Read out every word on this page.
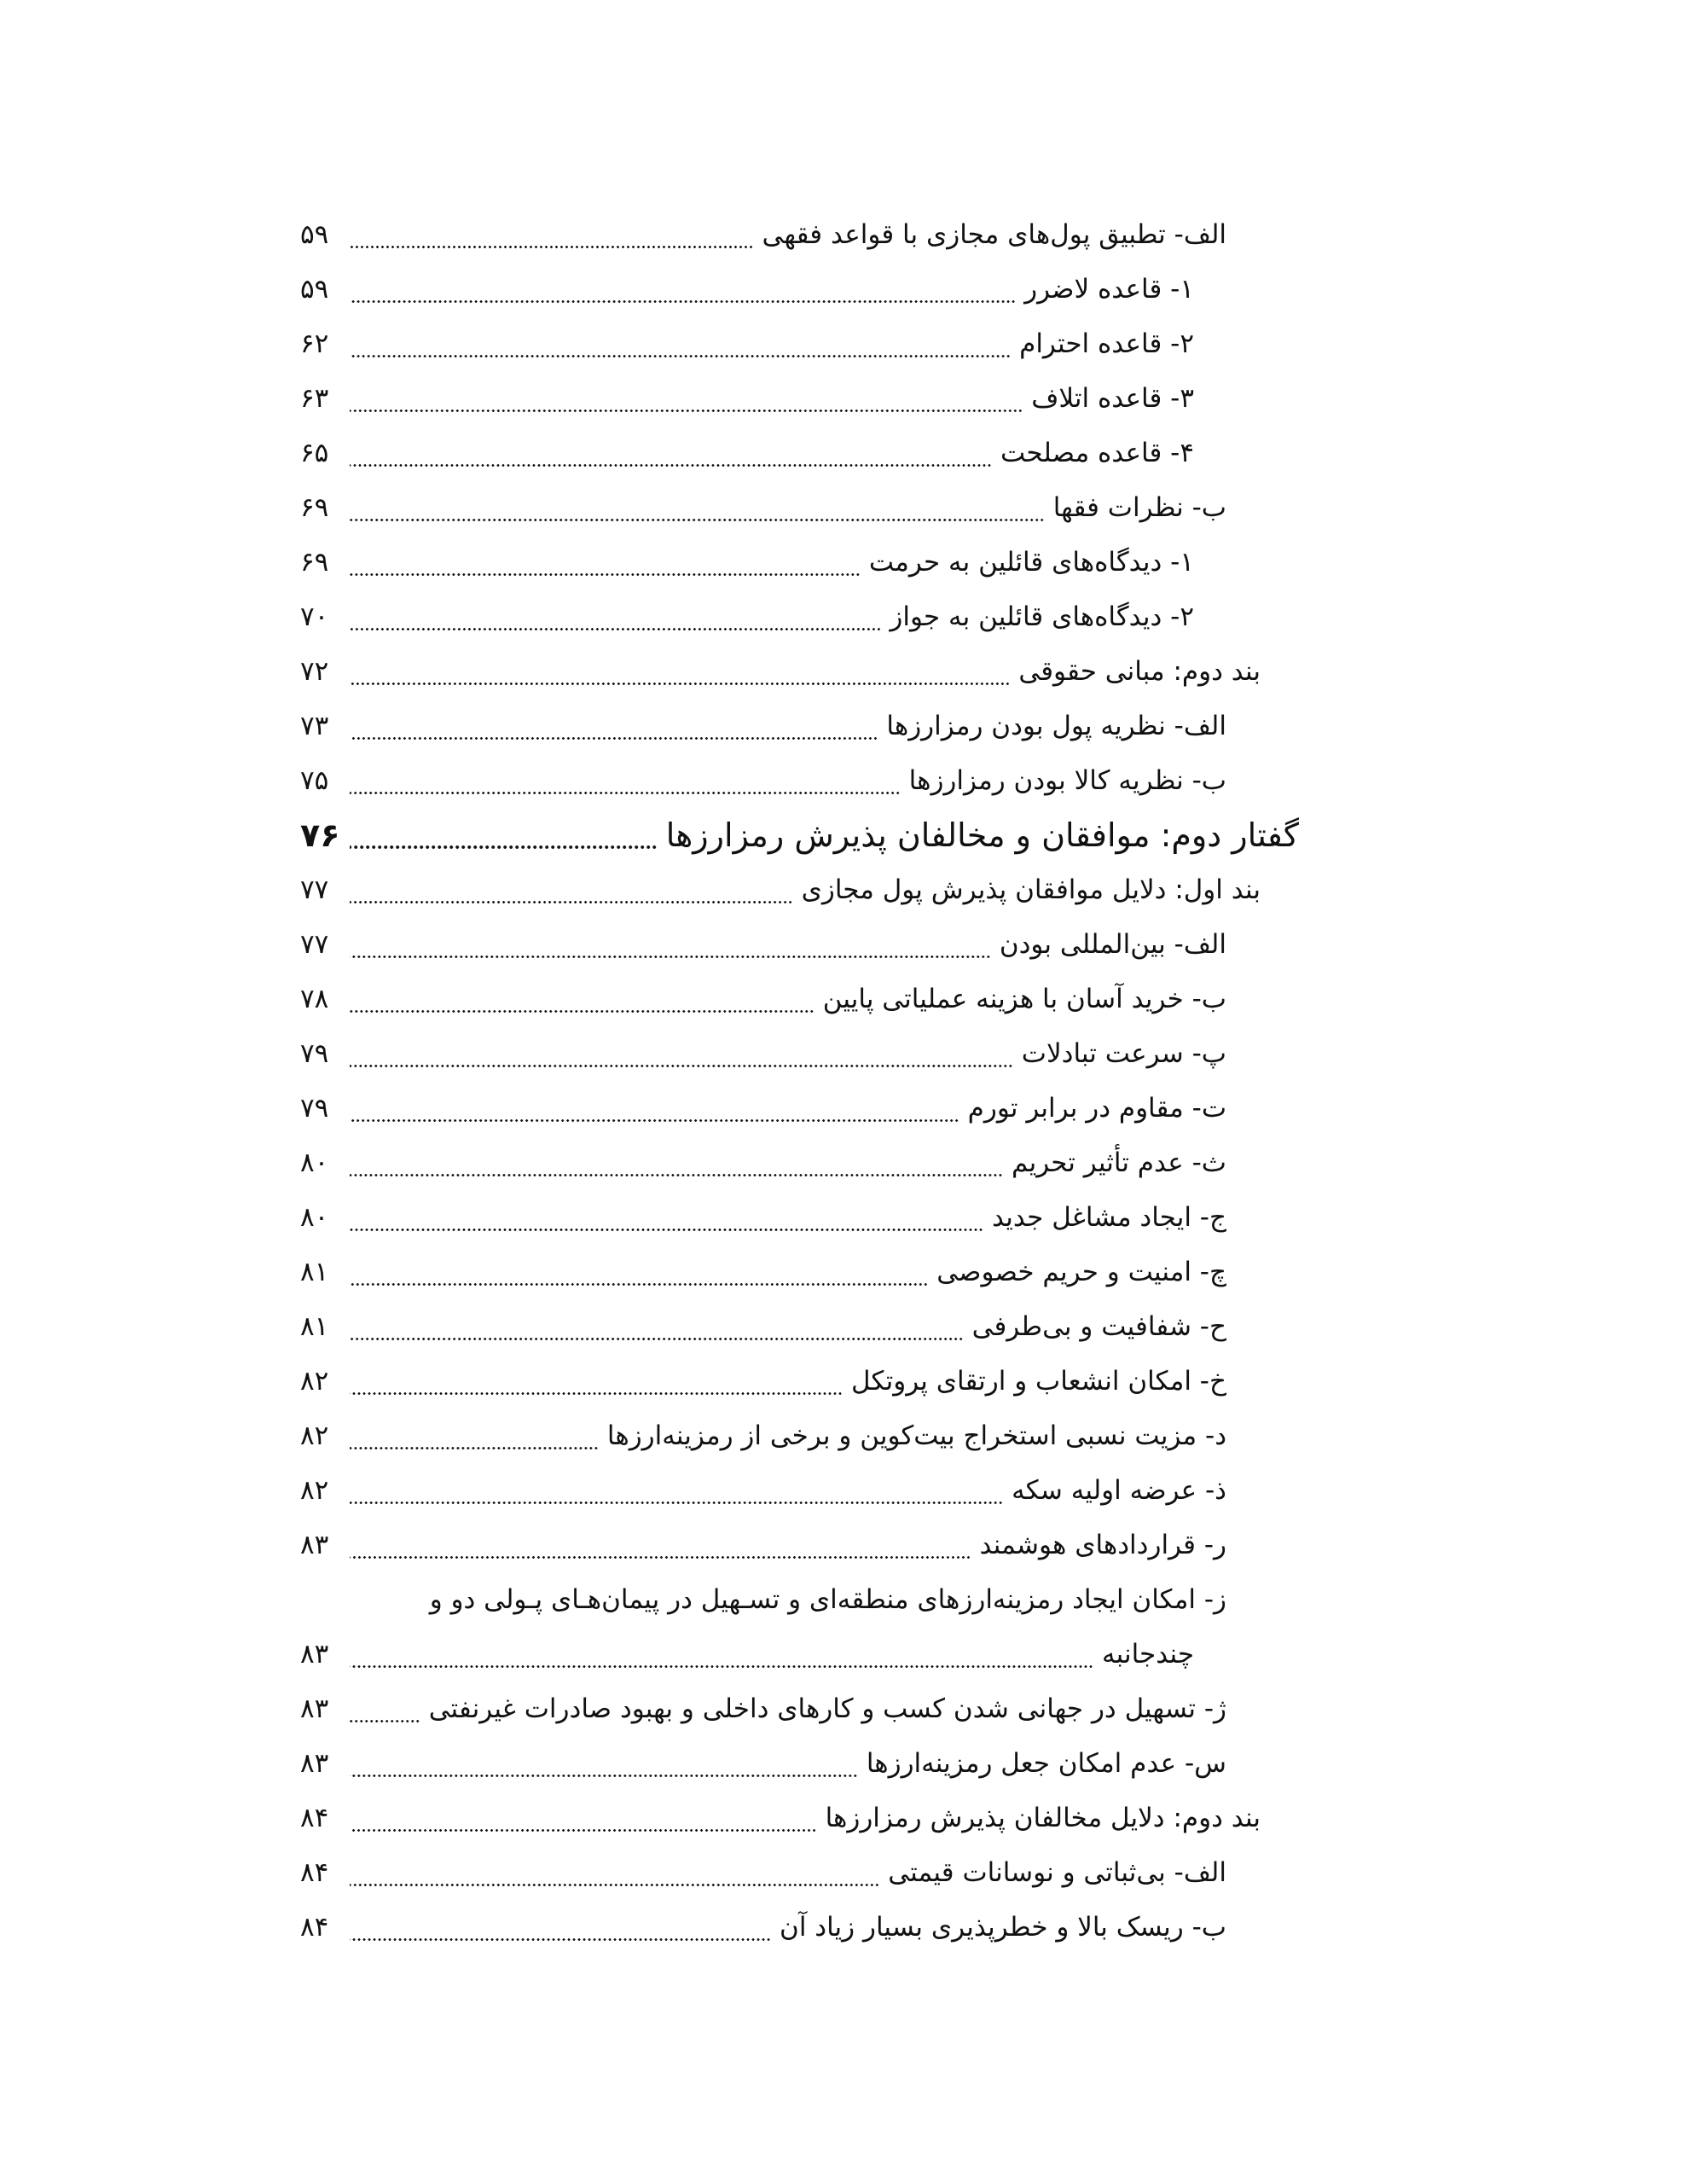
الف- تطبیق پول‌های مجازی با قواعد فقهی
۵۹
۱- قاعده لاضرر
۵۹
۲- قاعده احترام
۶۲
۳- قاعده اتلاف
۶۳
۴- قاعده مصلحت
۶۵
ب- نظرات فقها
۶۹
۱- دیدگاه‌های قائلین به حرمت
۶۹
۲- دیدگاه‌های قائلین به جواز
۷۰
بند دوم: مبانی حقوقی
۷۲
الف- نظریه پول بودن رمزارزها
۷۳
ب- نظریه کالا بودن رمزارزها
۷۵
گفتار دوم: موافقان و مخالفان پذیرش رمزارزها
۷۶
بند اول: دلایل موافقان پذیرش پول مجازی
۷۷
الف- بین‌المللی بودن
۷۷
ب- خرید آسان با هزینه عملیاتی پایین
۷۸
پ- سرعت تبادلات
۷۹
ت- مقاوم در برابر تورم
۷۹
ث- عدم تأثیر تحریم
۸۰
ج- ایجاد مشاغل جدید
۸۰
چ- امنیت و حریم خصوصی
۸۱
ح- شفافیت و بی‌طرفی
۸۱
خ- امکان انشعاب و ارتقای پروتکل
۸۲
د- مزیت نسبی استخراج بیت‌کوین و برخی از رمزینه‌ارزها
۸۲
ذ- عرضه اولیه سکه
۸۲
ر- قراردادهای هوشمند
۸۳
ز- امکان ایجاد رمزینه‌ارزهای منطقه‌ای و تسـهیل در پیمان‌هـای پـولی دو و
چندجانبه
۸۳
ژ- تسهیل در جهانی شدن کسب و کارهای داخلی و بهبود صادرات غیرنفتی
۸۳
س- عدم امکان جعل رمزینه‌ارزها
۸۳
بند دوم: دلایل مخالفان پذیرش رمزارزها
۸۴
الف- بی‌ثباتی و نوسانات قیمتی
۸۴
ب- ریسک بالا و خطرپذیری بسیار زیاد آن
۸۴
